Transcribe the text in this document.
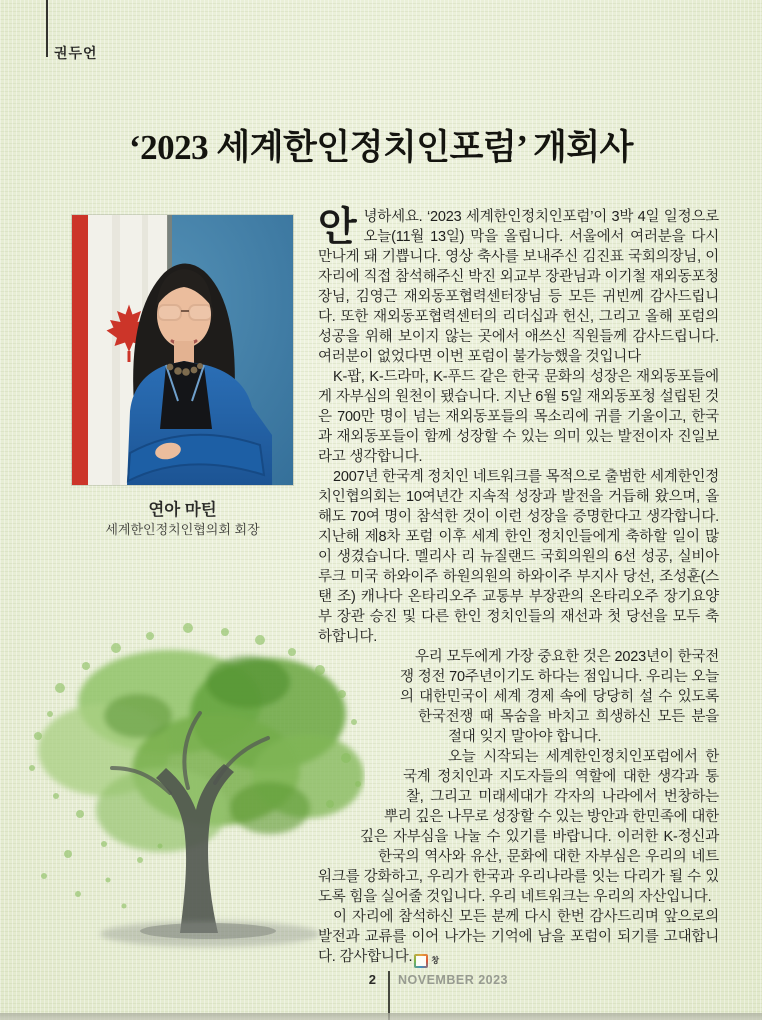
권두언
‘2023 세계한인정치인포럼’ 개회사
연아 마틴
세계한인정치인협의회 회장

안녕하세요. ‘2023 세계한인정치인포럼’이 3박 4일 일정으로 오늘(11월 13일) 막을 올립니다. 서울에서 여러분을 다시 만나게 돼 기쁩니다. 영상 축사를 보내주신 김진표 국회의장님, 이 자리에 직접 참석해주신 박진 외교부 장관님과 이기철 재외동포청장님, 김영근 재외동포협력센터장님 등 모든 귀빈께 감사드립니다. 또한 재외동포협력센터의 리더십과 헌신, 그리고 올해 포럼의 성공을 위해 보이지 않는 곳에서 애쓰신 직원들께 감사드립니다. 여러분이 없었다면 이번 포럼이 불가능했을 것입니다

K-팝, K-드라마, K-푸드 같은 한국 문화의 성장은 재외동포들에게 자부심의 원천이 됐습니다. 지난 6월 5일 재외동포청 설립된 것은 700만 명이 넘는 재외동포들의 목소리에 귀를 기울이고, 한국과 재외동포들이 함께 성장할 수 있는 의미 있는 발전이자 진일보라고 생각합니다.

2007년 한국계 정치인 네트워크를 목적으로 출범한 세계한인정치인협의회는 10여년간 지속적 성장과 발전을 거듭해 왔으며, 올해도 70여 명이 참석한 것이 이런 성장을 증명한다고 생각합니다. 지난해 제8차 포럼 이후 세계 한인 정치인들에게 축하할 일이 많이 생겼습니다. 멜리사 리 뉴질랜드 국회의원의 6선 성공, 실비아 루크 미국 하와이주 하원의원의 하와이주 부지사 당선, 조성훈(스탠 조) 캐나다 온타리오주 교통부 부장관의 온타리오주 장기요양부 장관 승진 및 다른 한인 정치인들의 재선과 첫 당선을 모두 축하합니다.

우리 모두에게 가장 중요한 것은 2023년이 한국전쟁 정전 70주년이기도 하다는 점입니다. 우리는 오늘의 대한민국이 세계 경제 속에 당당히 설 수 있도록 한국전쟁 때 목숨을 바치고 희생하신 모든 분을 절대 잊지 말아야 합니다.

오늘 시작되는 세계한인정치인포럼에서 한국계 정치인과 지도자들의 역할에 대한 생각과 통찰, 그리고 미래세대가 각자의 나라에서 번창하는 뿌리 깊은 나무로 성장할 수 있는 방안과 한민족에 대한 깊은 자부심을 나눌 수 있기를 바랍니다. 이러한 K-정신과 한국의 역사와 유산, 문화에 대한 자부심은 우리의 네트워크를 강화하고, 우리가 한국과 우리나라를 잇는 다리가 될 수 있도록 힘을 실어줄 것입니다. 우리 네트워크는 우리의 자산입니다.

이 자리에 참석하신 모든 분께 다시 한번 감사드리며 앞으로의 발전과 교류를 이어 나가는 기억에 남을 포럼이 되기를 고대합니다. 감사합니다. 창

2 NOVEMBER 2023
